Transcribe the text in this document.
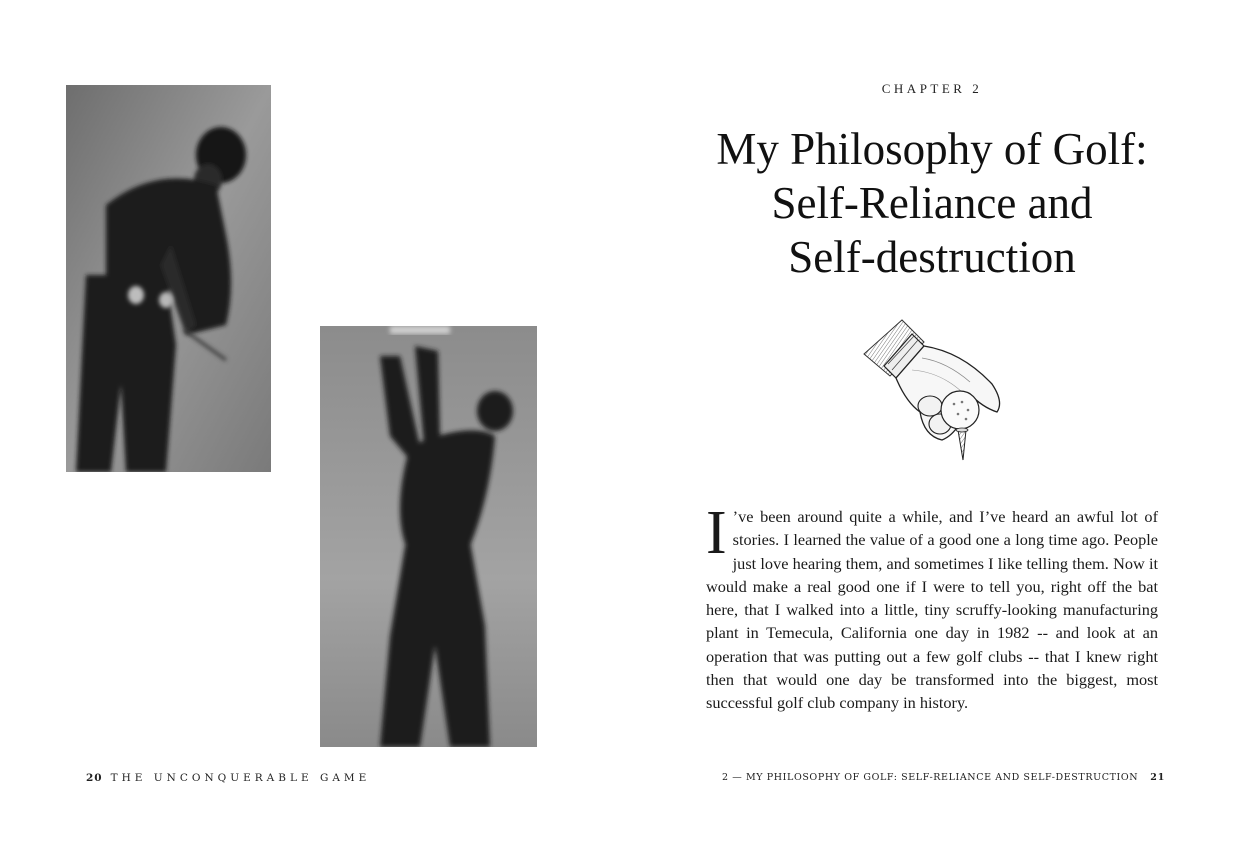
20 THE UNCONQUERABLE GAME
CHAPTER 2
My Philosophy of Golf:
Self-Reliance and
Self-destruction

I ’ve been around quite a while, and I’ve heard an awful lot of stories. I learned the value of a good one a long time ago. People just love hearing them, and sometimes I like telling them. Now it would make a real good one if I were to tell you, right off the bat here, that I walked into a little, tiny scruffy-looking manufacturing plant in Temecula, California one day in 1982 -- and look at an operation that was putting out a few golf clubs -- that I knew right then that would one day be transformed into the biggest, most successful golf club company in history.

2 — MY PHILOSOPHY OF GOLF: SELF-RELIANCE AND SELF-DESTRUCTION 21
